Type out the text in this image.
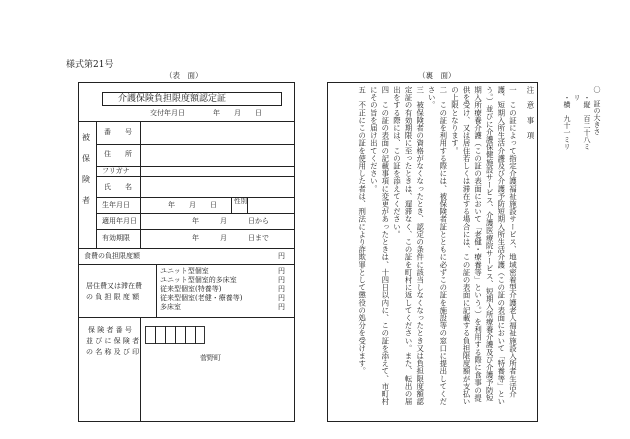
様式第21号
（表　面）
介護保険負担限度額認定証
交付年月日　　　　年　　月　　日
被
保
険
者
番　　号
住　　所
フリガナ
氏　　名
生年月日	年　　月　　日	性別
適用年月日	年　　　月　　　日から
有効期限	年　　　月　　　日まで
食費の負担限度額	円
居住費又は滞在費
の 負 担 限 度 額
ユニット型個室	円
ユニット型個室的多床室	円
従来型個室(特養等)	円
従来型個室(老健・療養等)	円
多床室	円
保 険 者 番 号
並 び に 保 険 者
の 名 称 及 び 印
菅野町
（裏　面）
注　意　事　項
一　この証によって指定介護福祉施設サービス、地域密着型介護老人福祉施設入所者生活介護、短期入所生活介護及び介護予防短期入所生活介護（この証の表面において「特養等」という。）並びに介護保健施設サービス、介護医療院サービス、短期入所療養介護及び介護予防短期入所療養介護（この証の表面において「老健・療養等」という。）を利用する際に食事の提供を受け、又は居住若しくは滞在する場合には、この証の表面に記載する負担限度額が支払いの上限となります。
二　この証を利用する際には、被保険者証とともに必ずこの証を施設等の窓口に提出してください。
三　被保険者の資格がなくなったとき、認定の条件に該当しなくなったとき又は負担限度額認定証の有効期限に至ったときは、遅滞なく、この証を町村に返してください。また、転出の届出をする際には、この証を添えてください。
四　この証の表面の記載事項に変更があったときは、十四日以内に、この証を添えて、市町村にその旨を届け出てください。
五　不正にこの証を使用した者は、刑法により詐欺罪として懲役の処分を受けます。	〇　証の大きさ
・縦　百二十八ミリ
・横　九十一ミリ
